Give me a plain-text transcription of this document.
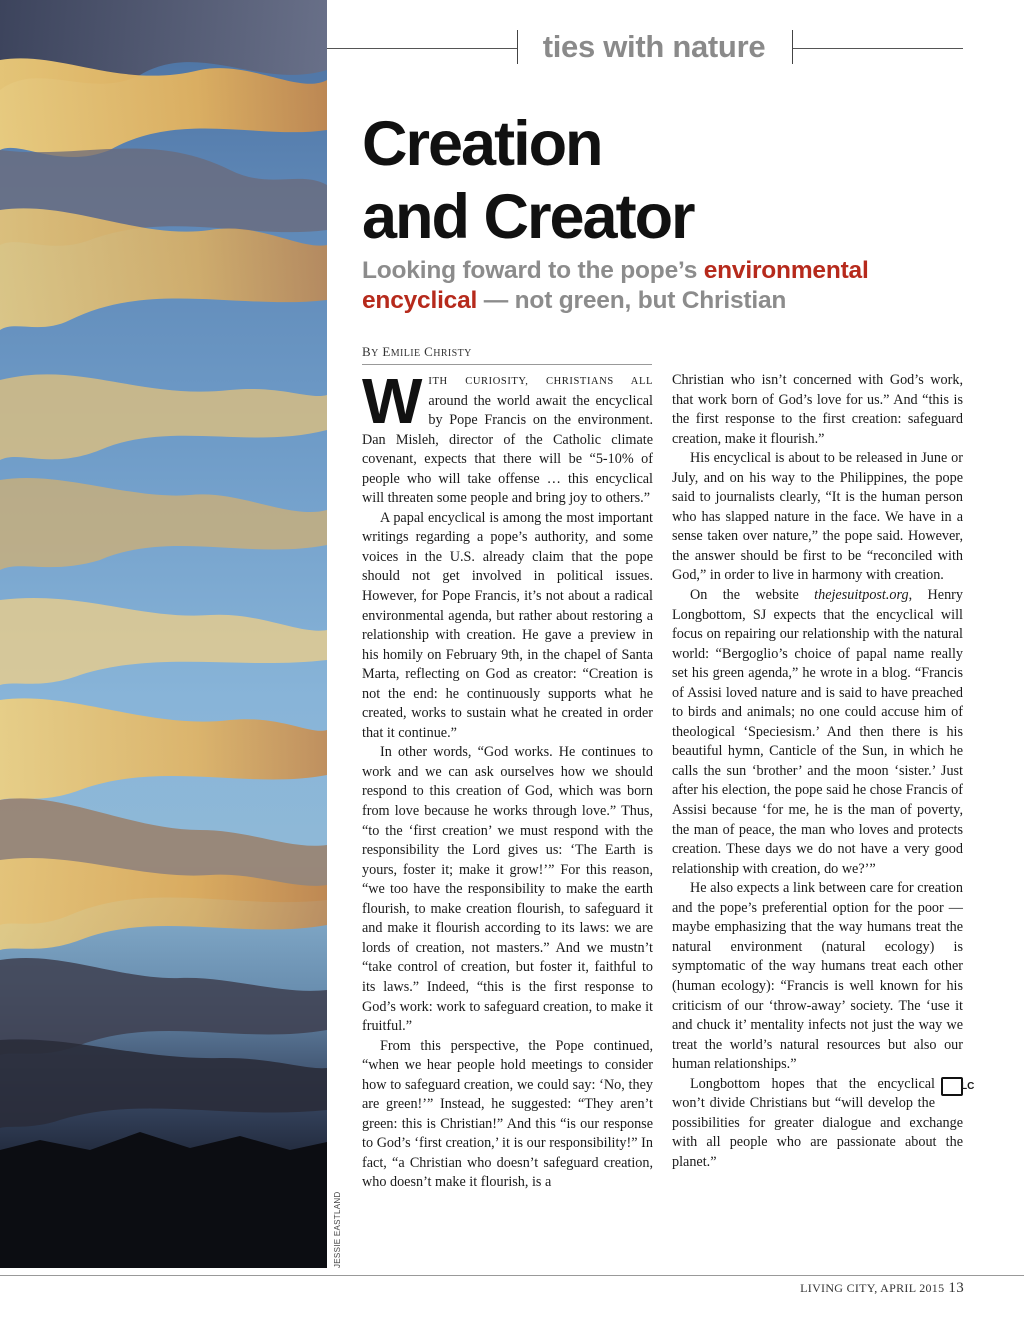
JESSIE EASTLAND
ties with nature
Creation
and Creator
Looking foward to the pope’s environmental
encyclical — not green, but Christian
BY EMILIE CHRISTY

WITH CURIOSITY, CHRISTIANS ALL around the world await the encyclical by Pope Francis on the environment. Dan Misleh, director of the Catholic climate covenant, expects that there will be “5-10% of people who will take offense … this encyclical will threaten some people and bring joy to others.”

A papal encyclical is among the most important writings regarding a pope’s authority, and some voices in the U.S. already claim that the pope should not get involved in political issues. However, for Pope Francis, it’s not about a radical environmental agenda, but rather about restoring a relationship with creation. He gave a preview in his homily on February 9th, in the chapel of Santa Marta, reflecting on God as creator: “Creation is not the end: he continuously supports what he created, works to sustain what he created in order that it continue.”

In other words, “God works. He continues to work and we can ask ourselves how we should respond to this creation of God, which was born from love because he works through love.” Thus, “to the ‘first creation’ we must respond with the responsibility the Lord gives us: ‘The Earth is yours, foster it; make it grow!’” For this reason, “we too have the responsibility to make the earth flourish, to make creation flourish, to safeguard it and make it flourish according to its laws: we are lords of creation, not masters.” And we mustn’t “take control of creation, but foster it, faithful to its laws.” Indeed, “this is the first response to God’s work: work to safeguard creation, to make it fruitful.”

From this perspective, the Pope continued, “when we hear people hold meetings to consider how to safeguard creation, we could say: ‘No, they are green!’” Instead, he suggested: “They aren’t green: this is Christian!” And this “is our response to God’s ‘first creation,’ it is our responsibility!” In fact, “a Christian who doesn’t safeguard creation, who doesn’t make it flourish, is a

Christian who isn’t concerned with God’s work, that work born of God’s love for us.” And “this is the first response to the first creation: safeguard creation, make it flourish.”

His encyclical is about to be released in June or July, and on his way to the Philippines, the pope said to journalists clearly, “It is the human person who has slapped nature in the face. We have in a sense taken over nature,” the pope said. However, the answer should be first to be “reconciled with God,” in order to live in harmony with creation.

On the website thejesuitpost.org, Henry Longbottom, SJ expects that the encyclical will focus on repairing our relationship with the natural world: “Bergoglio’s choice of papal name really set his green agenda,” he wrote in a blog. “Francis of Assisi loved nature and is said to have preached to birds and animals; no one could accuse him of theological ‘Speciesism.’ And then there is his beautiful hymn, Canticle of the Sun, in which he calls the sun ‘brother’ and the moon ‘sister.’ Just after his election, the pope said he chose Francis of Assisi because ‘for me, he is the man of poverty, the man of peace, the man who loves and protects creation. These days we do not have a very good relationship with creation, do we?’”

He also expects a link between care for creation and the pope’s preferential option for the poor — maybe emphasizing that the way humans treat the natural environment (natural ecology) is symptomatic of the way humans treat each other (human ecology): “Francis is well known for his criticism of our ‘throw-away’ society. The ‘use it and chuck it’ mentality infects not just the way we treat the world’s natural resources but also our human relationships.”

LC
Longbottom hopes that the encyclical won’t divide Christians but “will develop the possibilities for greater dialogue and exchange with all people who are passionate about the planet.”

LIVING CITY, APRIL 2015 13
